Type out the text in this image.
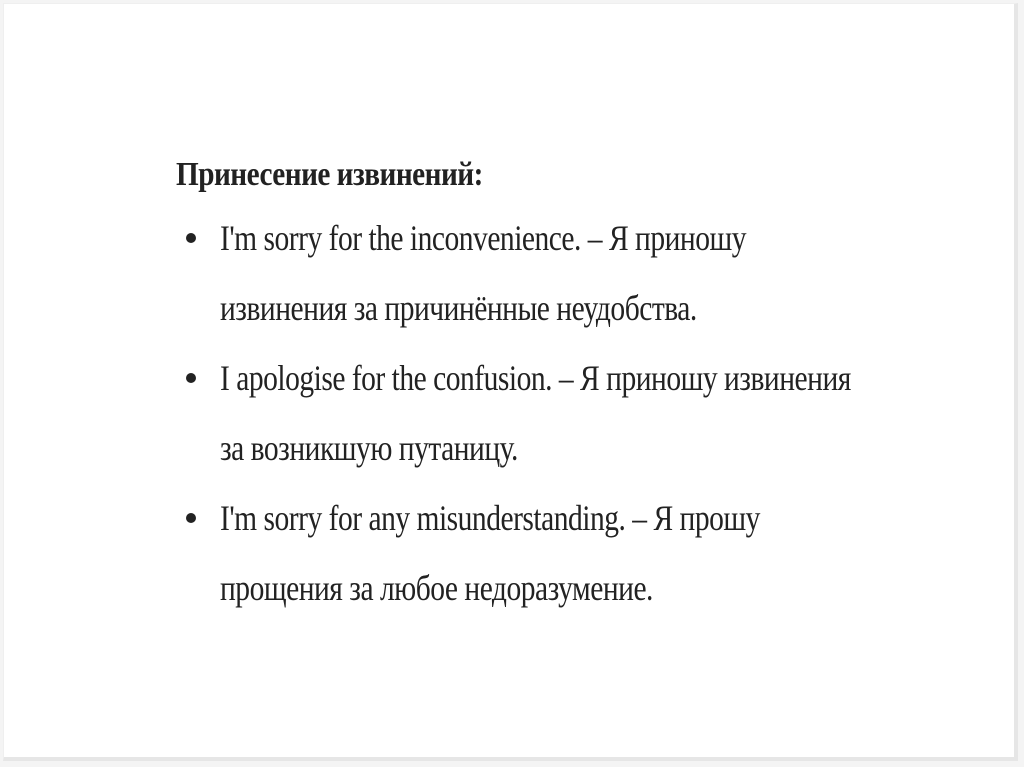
Принесение извинений:
I'm sorry for the inconvenience. – Я приношу
извинения за причинённые неудобства.
I apologise for the confusion. – Я приношу извинения
за возникшую путаницу.
I'm sorry for any misunderstanding. – Я прошу
прощения за любое недоразумение.
